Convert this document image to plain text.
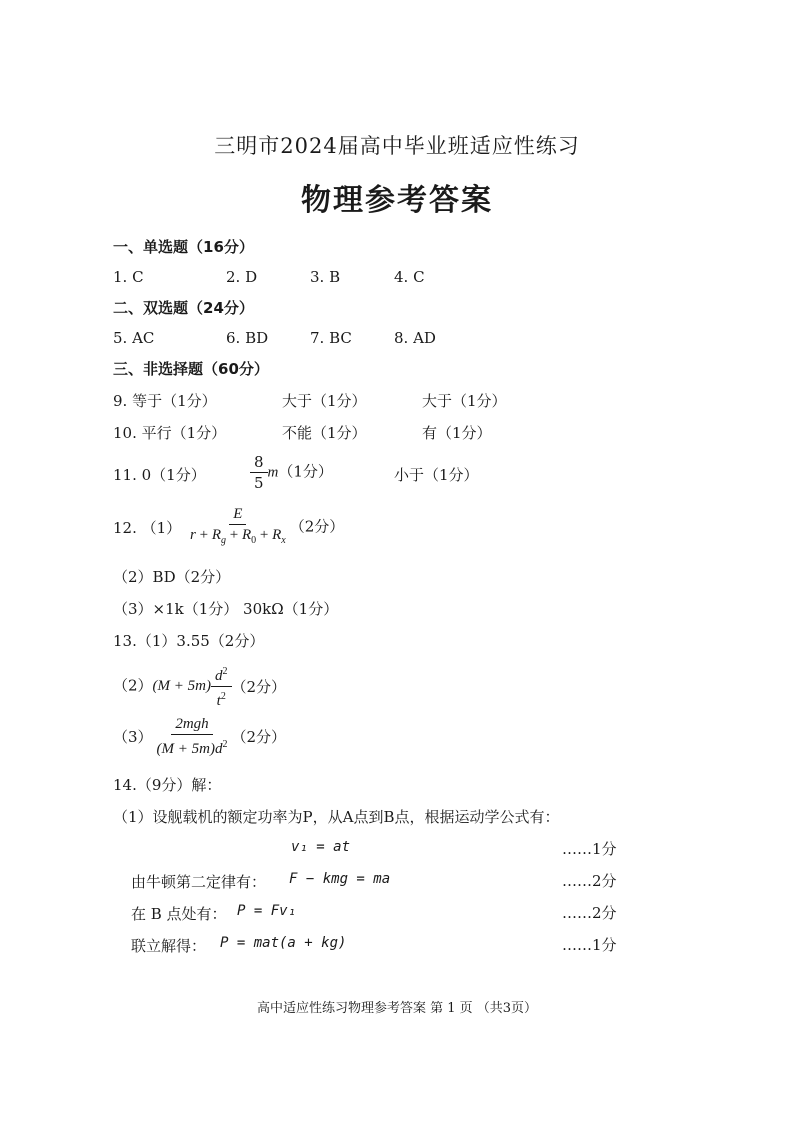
三明市2024届高中毕业班适应性练习
物理参考答案
一、单选题（16分）
1. C	2. D	3. B	4. C
二、双选题（24分）
5. AC	6. BD	7. BC	8. AD
三、非选择题（60分）
9. 等于（1分）	大于（1分）	大于（1分）
10. 平行（1分）	不能（1分）	有（1分）
11. 0（1分）	$\frac{8}{5} m(1$分）	小于（1分）
12. $(1) \frac{E}{r + R_g + R_0 + R_x} (2$分）
（2）BD（2分）
（3）×1k（1分） 30kΩ（1分）
13.（1）3.55（2分）
$(2)(M + 5m) \frac{d^2}{t^2} (2$分）
$(3) \frac{\text{2mgh}}{(M + 5m)d^2} (2$分）
14.（9分）解：
（1）设舰载机的额定功率为P，从A点到B点，根据运动学公式有：
v₁ = at	……1分
由牛顿第二定律有： F − kmg = ma	……2分
在 B 点处有： P = Fv₁	……2分
联立解得： P = mat(a + kg)	……1分
高中适应性练习物理参考答案 第 1 页 （共3页）
